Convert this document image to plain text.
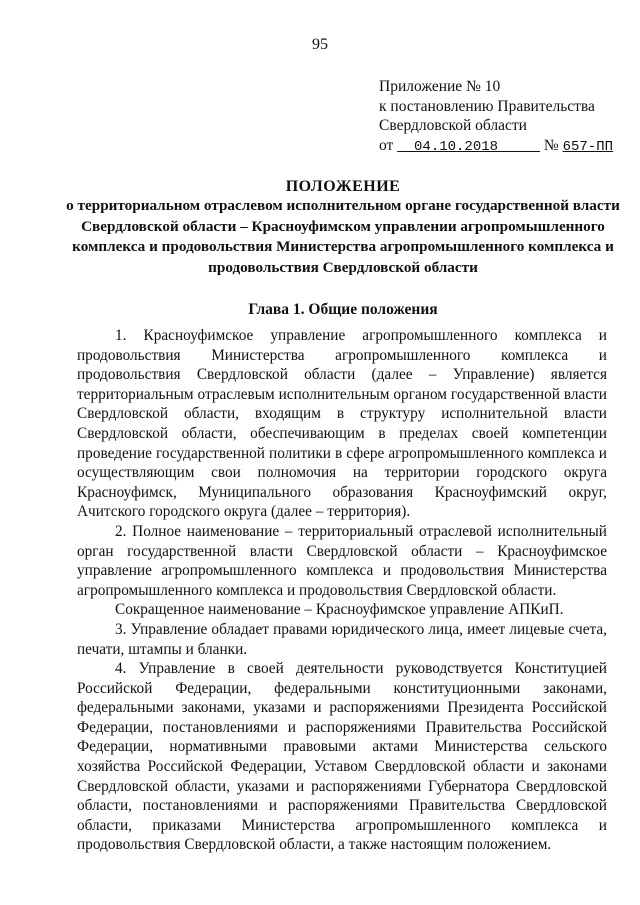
95
Приложение № 10
к постановлению Правительства
Свердловской области
от 04.10.2018	№ 657-ПП
ПОЛОЖЕНИЕ
о территориальном отраслевом исполнительном органе государственной власти Свердловской области – Красноуфимском управлении агропромышленного комплекса и продовольствия Министерства агропромышленного комплекса и продовольствия Свердловской области
Глава 1. Общие положения

1. Красноуфимское управление агропромышленного комплекса и продовольствия Министерства агропромышленного комплекса и продовольствия Свердловской области (далее – Управление) является территориальным отраслевым исполнительным органом государственной власти Свердловской области, входящим в структуру исполнительной власти Свердловской области, обеспечивающим в пределах своей компетенции проведение государственной политики в сфере агропромышленного комплекса и осуществляющим свои полномочия на территории городского округа Красноуфимск, Муниципального образования Красноуфимский округ, Ачитского городского округа (далее – территория).

2. Полное наименование – территориальный отраслевой исполнительный орган государственной власти Свердловской области – Красноуфимское управление агропромышленного комплекса и продовольствия Министерства агропромышленного комплекса и продовольствия Свердловской области.

Сокращенное наименование – Красноуфимское управление АПКиП.

3. Управление обладает правами юридического лица, имеет лицевые счета, печати, штампы и бланки.

4. Управление в своей деятельности руководствуется Конституцией Российской Федерации, федеральными конституционными законами, федеральными законами, указами и распоряжениями Президента Российской Федерации, постановлениями и распоряжениями Правительства Российской Федерации, нормативными правовыми актами Министерства сельского хозяйства Российской Федерации, Уставом Свердловской области и законами Свердловской области, указами и распоряжениями Губернатора Свердловской области, постановлениями и распоряжениями Правительства Свердловской области, приказами Министерства агропромышленного комплекса и продовольствия Свердловской области, а также настоящим положением.
